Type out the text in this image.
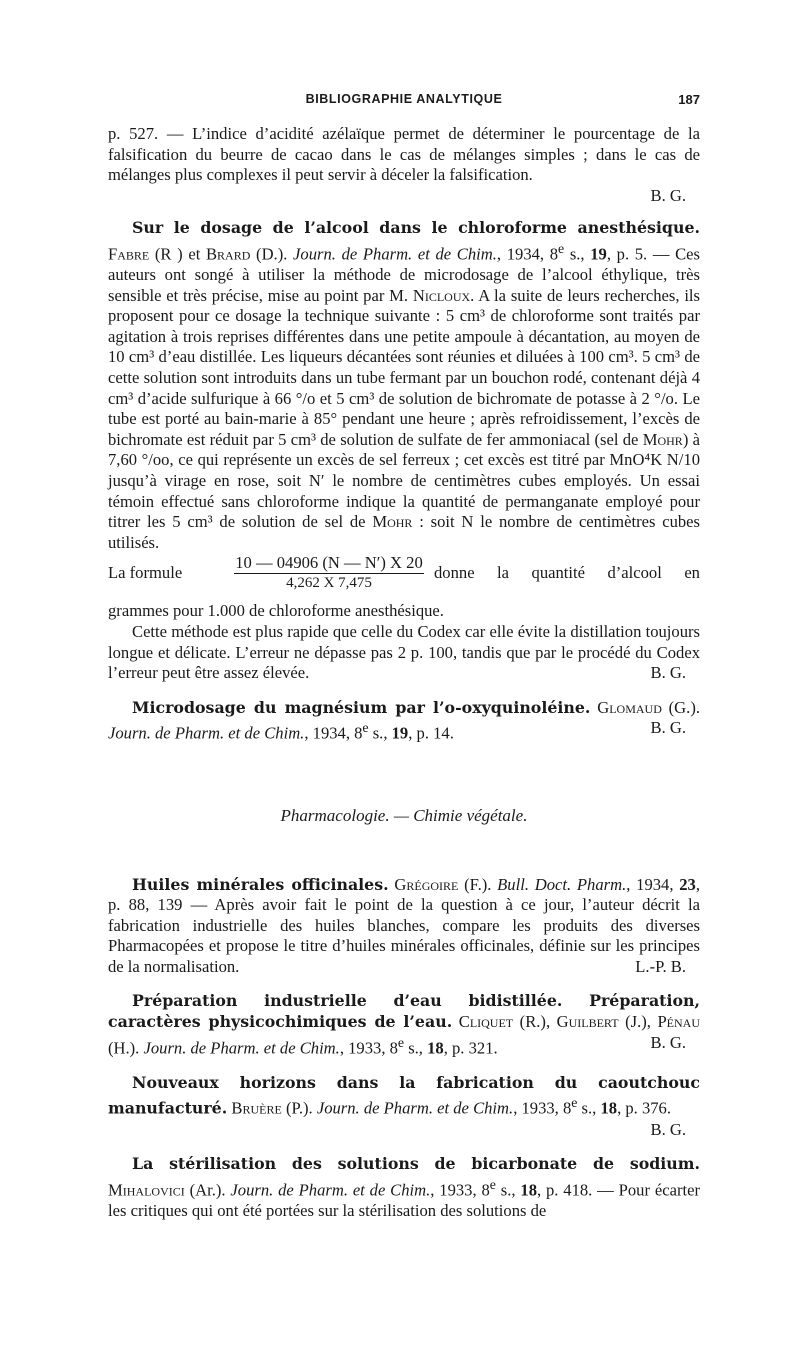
BIBLIOGRAPHIE ANALYTIQUE	187

p. 527. — L’indice d’acidité azélaïque permet de déterminer le pourcentage de la falsification du beurre de cacao dans le cas de mélanges simples ; dans le cas de mélanges plus complexes il peut servir à déceler la falsification.

B. G.

Sur le dosage de l’alcool dans le chloroforme anesthésique. Fabre (R ) et Brard (D.). Journ. de Pharm. et de Chim., 1934, 8e s., 19, p. 5. — Ces auteurs ont songé à utiliser la méthode de microdosage de l’alcool éthylique, très sensible et très précise, mise au point par M. Nicloux. A la suite de leurs recherches, ils proposent pour ce dosage la technique suivante : 5 cm³ de chloroforme sont traités par agitation à trois reprises différentes dans une petite ampoule à décantation, au moyen de 10 cm³ d’eau distillée. Les liqueurs décantées sont réunies et diluées à 100 cm³. 5 cm³ de cette solution sont introduits dans un tube fermant par un bouchon rodé, contenant déjà 4 cm³ d’acide sulfurique à 66 °/o et 5 cm³ de solution de bichromate de potasse à 2 °/o. Le tube est porté au bain-marie à 85° pendant une heure ; après refroidissement, l’excès de bichromate est réduit par 5 cm³ de solution de sulfate de fer ammoniacal (sel de Mohr) à 7,60 °/oo, ce qui représente un excès de sel ferreux ; cet excès est titré par MnO⁴K N/10 jusqu’à virage en rose, soit N′ le nombre de centimètres cubes employés. Un essai témoin effectué sans chloroforme indique la quantité de permanganate employé pour titrer les 5 cm³ de solution de sel de Mohr : soit N le nombre de centimètres cubes utilisés.

La formule	$\frac{10 — 04906 (N — N') X 20}{4,262 X 7,475}$ donne la quantité d’alcool en

grammes pour 1.000 de chloroforme anesthésique.

Cette méthode est plus rapide que celle du Codex car elle évite la distillation toujours longue et délicate. L’erreur ne dépasse pas 2 p. 100, tandis que par le procédé du Codex l’erreur peut être assez élevée.	B. G.

Microdosage du magnésium par l’o-oxyquinoléine. Glomaud (G.). Journ. de Pharm. et de Chim., 1934, 8e s., 19, p. 14.	B. G.

Pharmacologie. — Chimie végétale.

Huiles minérales officinales. Grégoire (F.). Bull. Doct. Pharm., 1934, 23, p. 88, 139 — Après avoir fait le point de la question à ce jour, l’auteur décrit la fabrication industrielle des huiles blanches, compare les produits des diverses Pharmacopées et propose le titre d’huiles minérales officinales, définie sur les principes de la normalisation.	L.-P. B.

Préparation industrielle d’eau bidistillée. Préparation, caractères physicochimiques de l’eau. Cliquet (R.), Guilbert (J.), Pénau (H.). Journ. de Pharm. et de Chim., 1933, 8e s., 18, p. 321.	B. G.

Nouveaux horizons dans la fabrication du caoutchouc manufacturé. Bruère (P.). Journ. de Pharm. et de Chim., 1933, 8e s., 18, p. 376.

B. G.

La stérilisation des solutions de bicarbonate de sodium. Mihalovici (Ar.). Journ. de Pharm. et de Chim., 1933, 8e s., 18, p. 418. — Pour écarter les critiques qui ont été portées sur la stérilisation des solutions de
